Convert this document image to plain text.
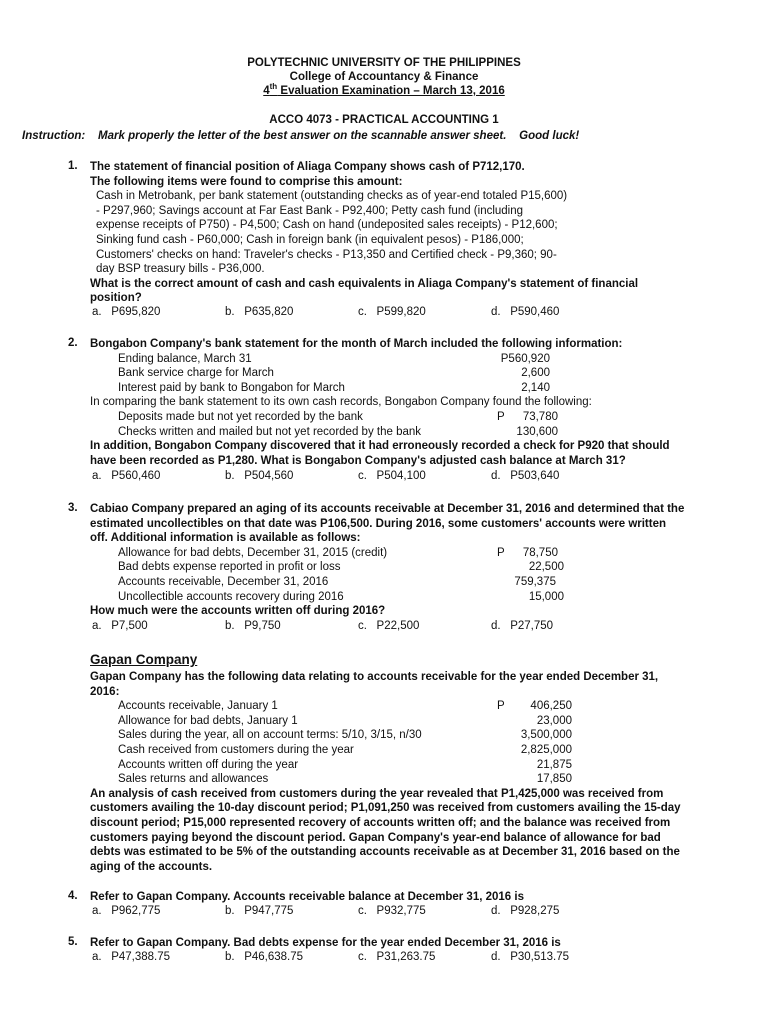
POLYTECHNIC UNIVERSITY OF THE PHILIPPINES
College of Accountancy & Finance
4th Evaluation Examination – March 13, 2016
ACCO 4073 - PRACTICAL ACCOUNTING 1
Instruction:    Mark properly the letter of the best answer on the scannable answer sheet.    Good luck!
1. The statement of financial position of Aliaga Company shows cash of P712,170.
The following items were found to comprise this amount:
Cash in Metrobank, per bank statement (outstanding checks as of year-end totaled P15,600)
- P297,960; Savings account at Far East Bank - P92,400; Petty cash fund (including
expense receipts of P750) - P4,500; Cash on hand (undeposited sales receipts) - P12,600;
Sinking fund cash - P60,000; Cash in foreign bank (in equivalent pesos) - P186,000;
Customers' checks on hand: Traveler's checks - P13,350 and Certified check - P9,360; 90-
day BSP treasury bills - P36,000.
What is the correct amount of cash and cash equivalents in Aliaga Company's statement of financial
position?
a. P695,820	b. P635,820	c. P599,820	d. P590,460
2. Bongabon Company's bank statement for the month of March included the following information:
Ending balance, March 31	P560,920
Bank service charge for March	2,600
Interest paid by bank to Bongabon for March	2,140
In comparing the bank statement to its own cash records, Bongabon Company found the following:
Deposits made but not yet recorded by the bank	P	73,780
Checks written and mailed but not yet recorded by the bank	130,600
In addition, Bongabon Company discovered that it had erroneously recorded a check for P920 that should
have been recorded as P1,280. What is Bongabon Company's adjusted cash balance at March 31?
a. P560,460	b. P504,560	c. P504,100	d. P503,640
3. Cabiao Company prepared an aging of its accounts receivable at December 31, 2016 and determined that the
estimated uncollectibles on that date was P106,500. During 2016, some customers' accounts were written
off. Additional information is available as follows:
Allowance for bad debts, December 31, 2015 (credit)	P	78,750
Bad debts expense reported in profit or loss	22,500
Accounts receivable, December 31, 2016	759,375
Uncollectible accounts recovery during 2016	15,000
How much were the accounts written off during 2016?
a. P7,500	b. P9,750	c. P22,500	d. P27,750
Gapan Company
Gapan Company has the following data relating to accounts receivable for the year ended December 31,
2016:
Accounts receivable, January 1	P	406,250
Allowance for bad debts, January 1	23,000
Sales during the year, all on account terms: 5/10, 3/15, n/30	3,500,000
Cash received from customers during the year	2,825,000
Accounts written off during the year	21,875
Sales returns and allowances	17,850
An analysis of cash received from customers during the year revealed that P1,425,000 was received from
customers availing the 10-day discount period; P1,091,250 was received from customers availing the 15-day
discount period; P15,000 represented recovery of accounts written off; and the balance was received from
customers paying beyond the discount period. Gapan Company's year-end balance of allowance for bad
debts was estimated to be 5% of the outstanding accounts receivable as at December 31, 2016 based on the
aging of the accounts.
4. Refer to Gapan Company. Accounts receivable balance at December 31, 2016 is
a. P962,775	b. P947,775	c. P932,775	d. P928,275
5. Refer to Gapan Company. Bad debts expense for the year ended December 31, 2016 is
a. P47,388.75	b. P46,638.75	c. P31,263.75	d. P30,513.75
